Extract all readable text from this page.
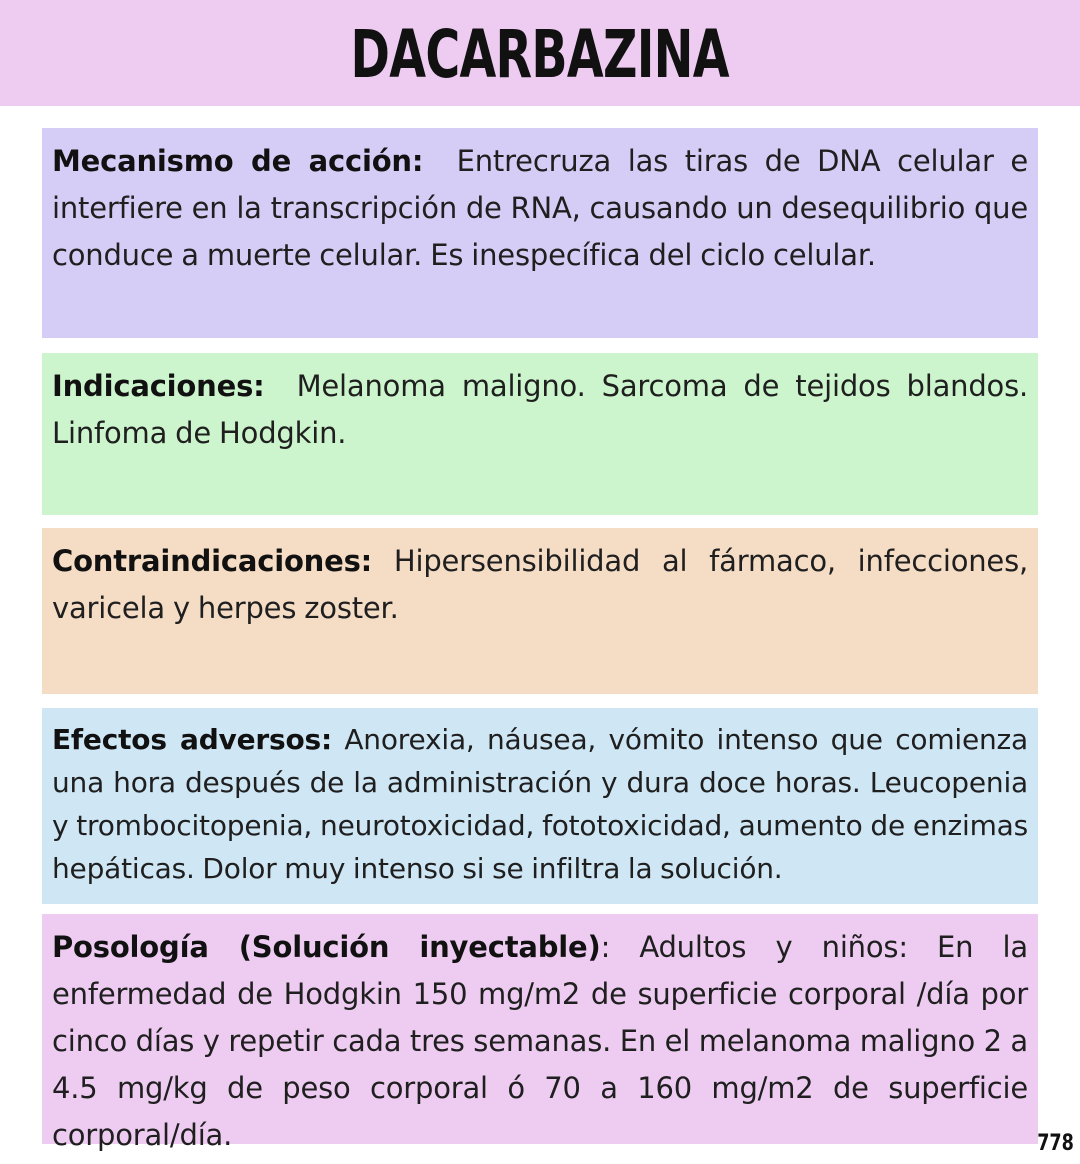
DACARBAZINA

Mecanismo de acción: Entrecruza las tiras de DNA celular e interfiere en la transcripción de RNA, causando un desequilibrio que conduce a muerte celular. Es inespecífica del ciclo celular.

Indicaciones: Melanoma maligno. Sarcoma de tejidos blandos. Linfoma de Hodgkin.

Contraindicaciones: Hipersensibilidad al fármaco, infecciones, varicela y herpes zoster.

Efectos adversos: Anorexia, náusea, vómito intenso que comienza una hora después de la administración y dura doce horas. Leucopenia y trombocitopenia, neurotoxicidad, fototoxicidad, aumento de enzimas hepáticas. Dolor muy intenso si se infiltra la solución.

Posología (Solución inyectable): Adultos y niños: En la enfermedad de Hodgkin 150 mg/m2 de superficie corporal /día por cinco días y repetir cada tres semanas. En el melanoma maligno 2 a 4.5 mg/kg de peso corporal ó 70 a 160 mg/m2 de superficie corporal/día.	778
